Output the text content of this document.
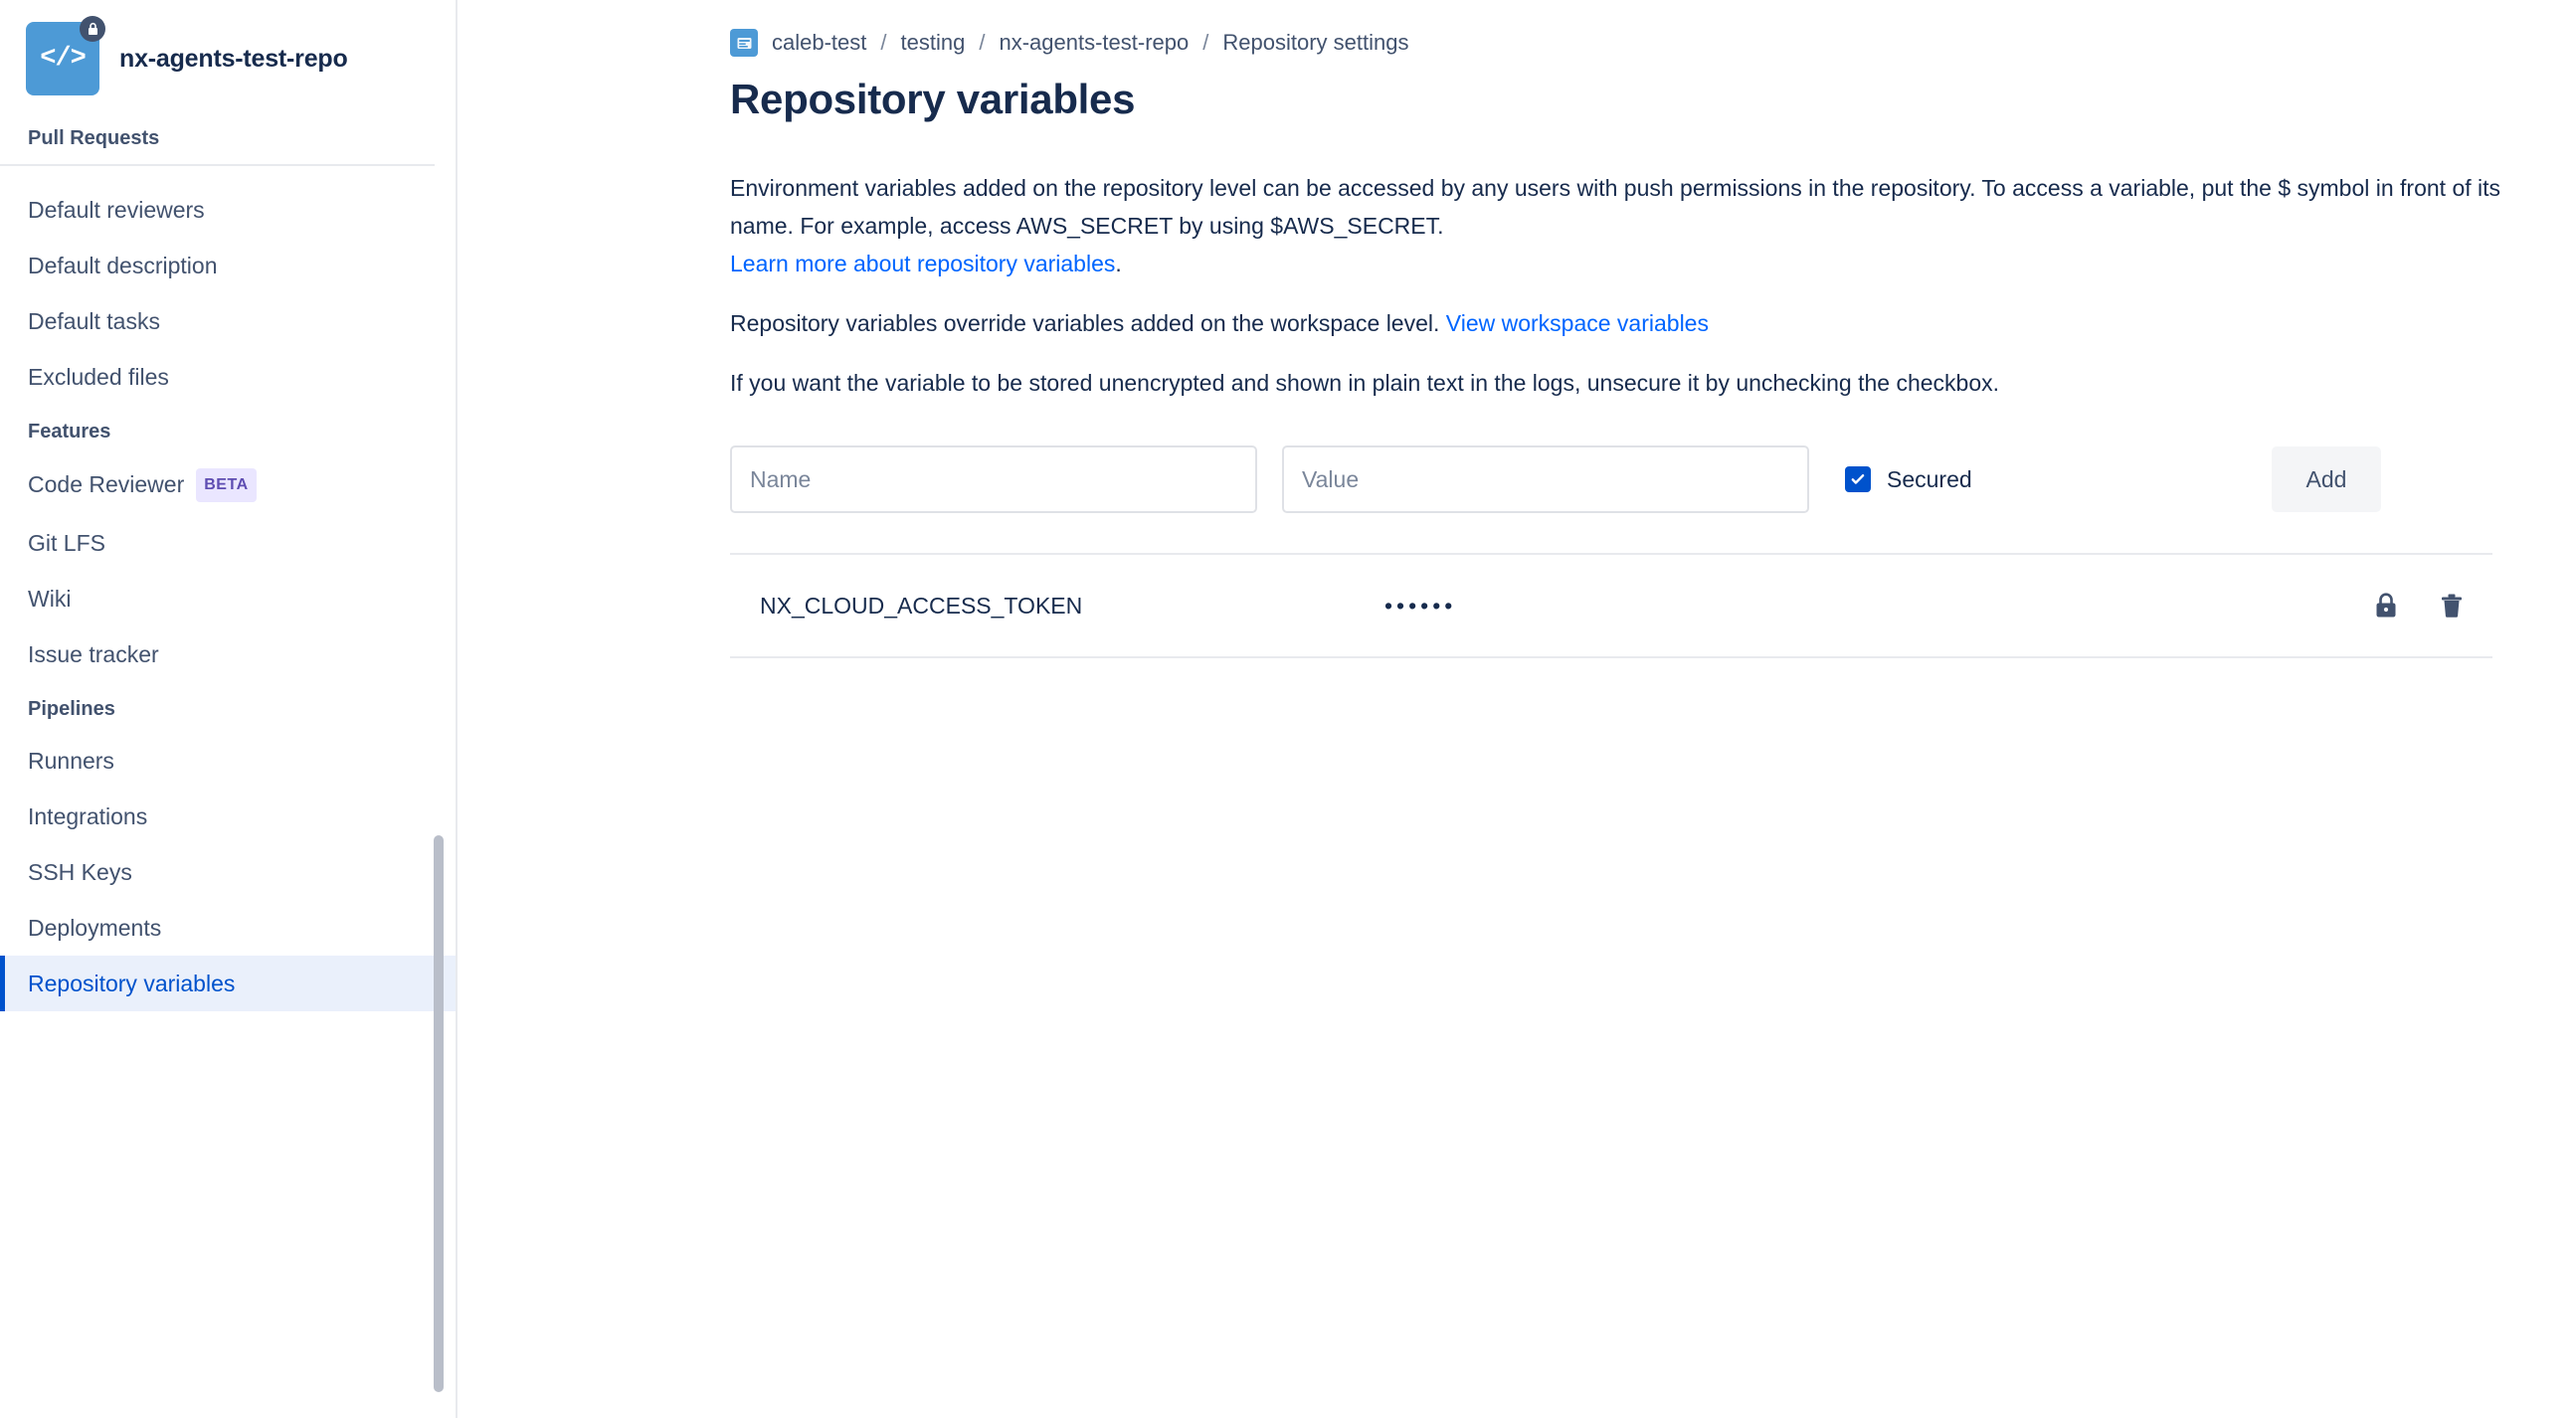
</> nx-agents-test-repo
Pull Requests
Default reviewers
Default description
Default tasks
Excluded files
Features
Code Reviewer BETA
Git LFS
Wiki
Issue tracker
Pipelines
Runners
Integrations
SSH Keys
Deployments
Repository variables
caleb-test / testing / nx-agents-test-repo / Repository settings
Repository variables

Environment variables added on the repository level can be accessed by any users with push permissions in the repository. To access a variable, put the $ symbol in front of its name. For example, access AWS_SECRET by using $AWS_SECRET.
Learn more about repository variables.

Repository variables override variables added on the workspace level. View workspace variables

If you want the variable to be stored unencrypted and shown in plain text in the logs, unsecure it by unchecking the checkbox.

Name
Value
Secured	Add
NX_CLOUD_ACCESS_TOKEN	••••••
